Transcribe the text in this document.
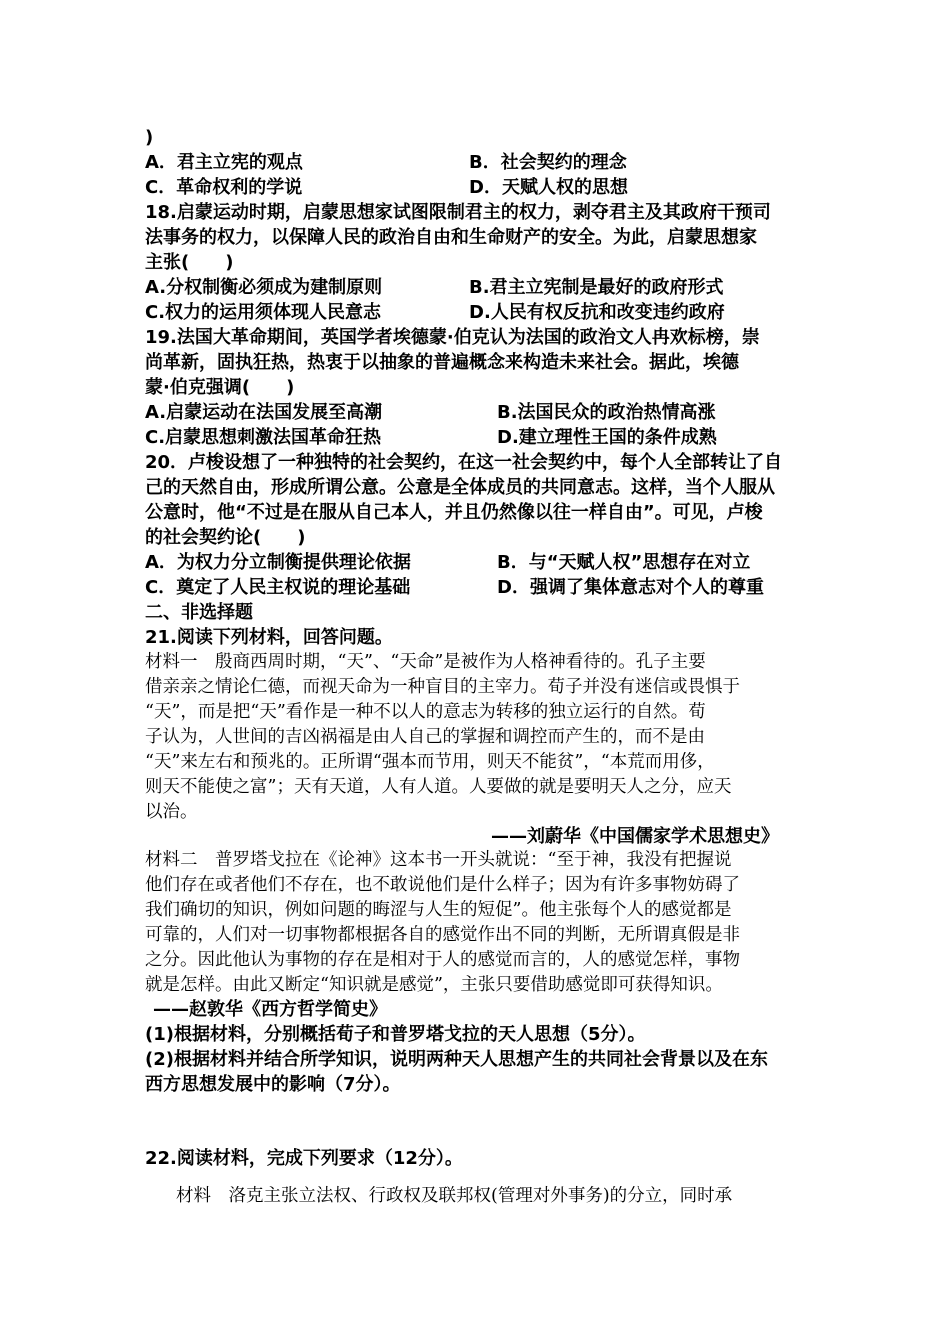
)
A．君主立宪的观点	B．社会契约的理念
C．革命权利的学说	D．天赋人权的思想
18.启蒙运动时期，启蒙思想家试图限制君主的权力，剥夺君主及其政府干预司
法事务的权力，以保障人民的政治自由和生命财产的安全。为此，启蒙思想家
主张(　　)
A.分权制衡必须成为建制原则	B.君主立宪制是最好的政府形式
C.权力的运用须体现人民意志	D.人民有权反抗和改变违约政府
19.法国大革命期间，英国学者埃德蒙·伯克认为法国的政治文人冉欢标榜，崇
尚革新，固执狂热，热衷于以抽象的普遍概念来构造未来社会。据此，埃德
蒙·伯克强调(　　)
A.启蒙运动在法国发展至高潮	B.法国民众的政治热情高涨
C.启蒙思想刺激法国革命狂热	D.建立理性王国的条件成熟
20．卢梭设想了一种独特的社会契约，在这一社会契约中，每个人全部转让了自
己的天然自由，形成所谓公意。公意是全体成员的共同意志。这样，当个人服从
公意时，他“不过是在服从自己本人，并且仍然像以往一样自由”。可见，卢梭
的社会契约论(　　)
A．为权力分立制衡提供理论依据	B．与“天赋人权”思想存在对立
C．奠定了人民主权说的理论基础	D．强调了集体意志对个人的尊重
二、非选择题
21.阅读下列材料，回答问题。
材料一　殷商西周时期，“天”、“天命”是被作为人格神看待的。孔子主要
借亲亲之情论仁德，而视天命为一种盲目的主宰力。荀子并没有迷信或畏惧于
“天”，而是把“天”看作是一种不以人的意志为转移的独立运行的自然。荀
子认为，人世间的吉凶祸福是由人自己的掌握和调控而产生的，而不是由
“天”来左右和预兆的。正所谓“强本而节用，则天不能贫”，“本荒而用侈，
则天不能使之富”；天有天道，人有人道。人要做的就是要明天人之分，应天
以治。
——刘蔚华《中国儒家学术思想史》
材料二　普罗塔戈拉在《论神》这本书一开头就说：“至于神，我没有把握说
他们存在或者他们不存在，也不敢说他们是什么样子；因为有许多事物妨碍了
我们确切的知识，例如问题的晦涩与人生的短促”。他主张每个人的感觉都是
可靠的，人们对一切事物都根据各自的感觉作出不同的判断，无所谓真假是非
之分。因此他认为事物的存在是相对于人的感觉而言的，人的感觉怎样，事物
就是怎样。由此又断定“知识就是感觉”，主张只要借助感觉即可获得知识。
——赵敦华《西方哲学简史》
(1)根据材料，分别概括荀子和普罗塔戈拉的天人思想（5分）。
(2)根据材料并结合所学知识，说明两种天人思想产生的共同社会背景以及在东
西方思想发展中的影响（7分）。
22.阅读材料，完成下列要求（12分）。
材料　洛克主张立法权、行政权及联邦权(管理对外事务)的分立，同时承
